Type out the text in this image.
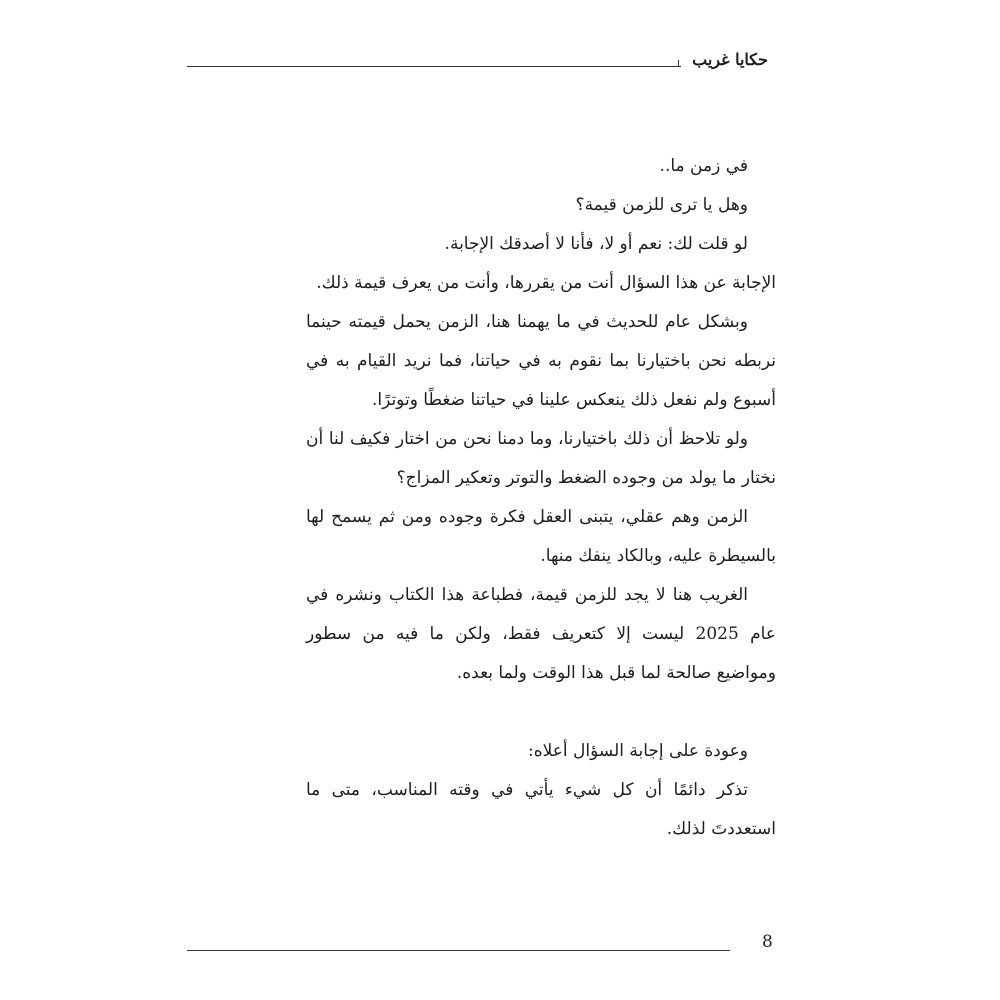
حكايا غريب

في زمن ما..

وهل يا ترى للزمن قيمة؟

لو قلت لك: نعم أو لا، فأنا لا أصدقك الإجابة.

الإجابة عن هذا السؤال أنت من يقررها، وأنت من يعرف قيمة ذلك.

وبشكل عام للحديث في ما يهمنا هنا، الزمن يحمل قيمته حينما نربطه نحن باختيارنا بما نقوم به في حياتنا، فما نريد القيام به في أسبوع ولم نفعل ذلك ينعكس علينا في حياتنا ضغطًا وتوترًا.

ولو تلاحظ أن ذلك باختيارنا، وما دمنا نحن من اختار فكيف لنا أن نختار ما يولد من وجوده الضغط والتوتر وتعكير المزاج؟

الزمن وهم عقلي، يتبنى العقل فكرة وجوده ومن ثم يسمح لها بالسيطرة عليه، وبالكاد ينفك منها.

الغريب هنا لا يجد للزمن قيمة، فطباعة هذا الكتاب ونشره في عام 2025 ليست إلا كتعريف فقط، ولكن ما فيه من سطور ومواضيع صالحة لما قبل هذا الوقت ولما بعده.

وعودة على إجابة السؤال أعلاه:

تذكر دائمًا أن كل شيء يأتي في وقته المناسب، متى ما استعددتَ لذلك.

8
